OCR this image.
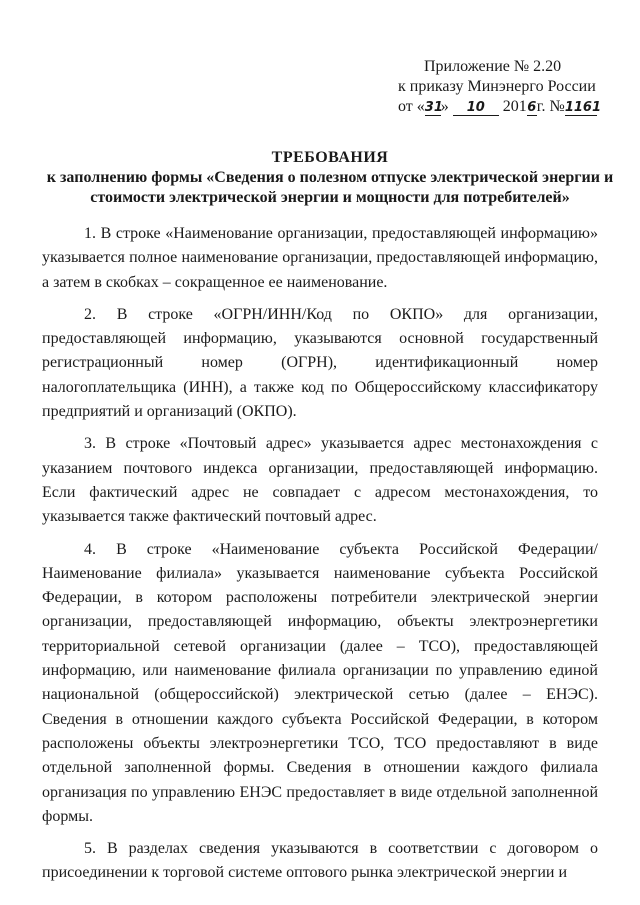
Приложение № 2.20
к приказу Минэнерго России
от «31» 10 2016г. №1161
ТРЕБОВАНИЯ
к заполнению формы «Сведения о полезном отпуске электрической энергии и стоимости электрической энергии и мощности для потребителей»

1. В строке «Наименование организации, предоставляющей информацию» указывается полное наименование организации, предоставляющей информацию, а затем в скобках – сокращенное ее наименование.

2. В строке «ОГРН/ИНН/Код по ОКПО» для организации, предоставляющей информацию, указываются основной государственный регистрационный номер (ОГРН), идентификационный номер налогоплательщика (ИНН), а также код по Общероссийскому классификатору предприятий и организаций (ОКПО).

3. В строке «Почтовый адрес» указывается адрес местонахождения с указанием почтового индекса организации, предоставляющей информацию. Если фактический адрес не совпадает с адресом местонахождения, то указывается также фактический почтовый адрес.

4. В строке «Наименование субъекта Российской Федерации/Наименование филиала» указывается наименование субъекта Российской Федерации, в котором расположены потребители электрической энергии организации, предоставляющей информацию, объекты электроэнергетики территориальной сетевой организации (далее – ТСО), предоставляющей информацию, или наименование филиала организации по управлению единой национальной (общероссийской) электрической сетью (далее – ЕНЭС). Сведения в отношении каждого субъекта Российской Федерации, в котором расположены объекты электроэнергетики ТСО, ТСО предоставляют в виде отдельной заполненной формы. Сведения в отношении каждого филиала организация по управлению ЕНЭС предоставляет в виде отдельной заполненной формы.

5. В разделах сведения указываются в соответствии с договором о присоединении к торговой системе оптового рынка электрической энергии и
